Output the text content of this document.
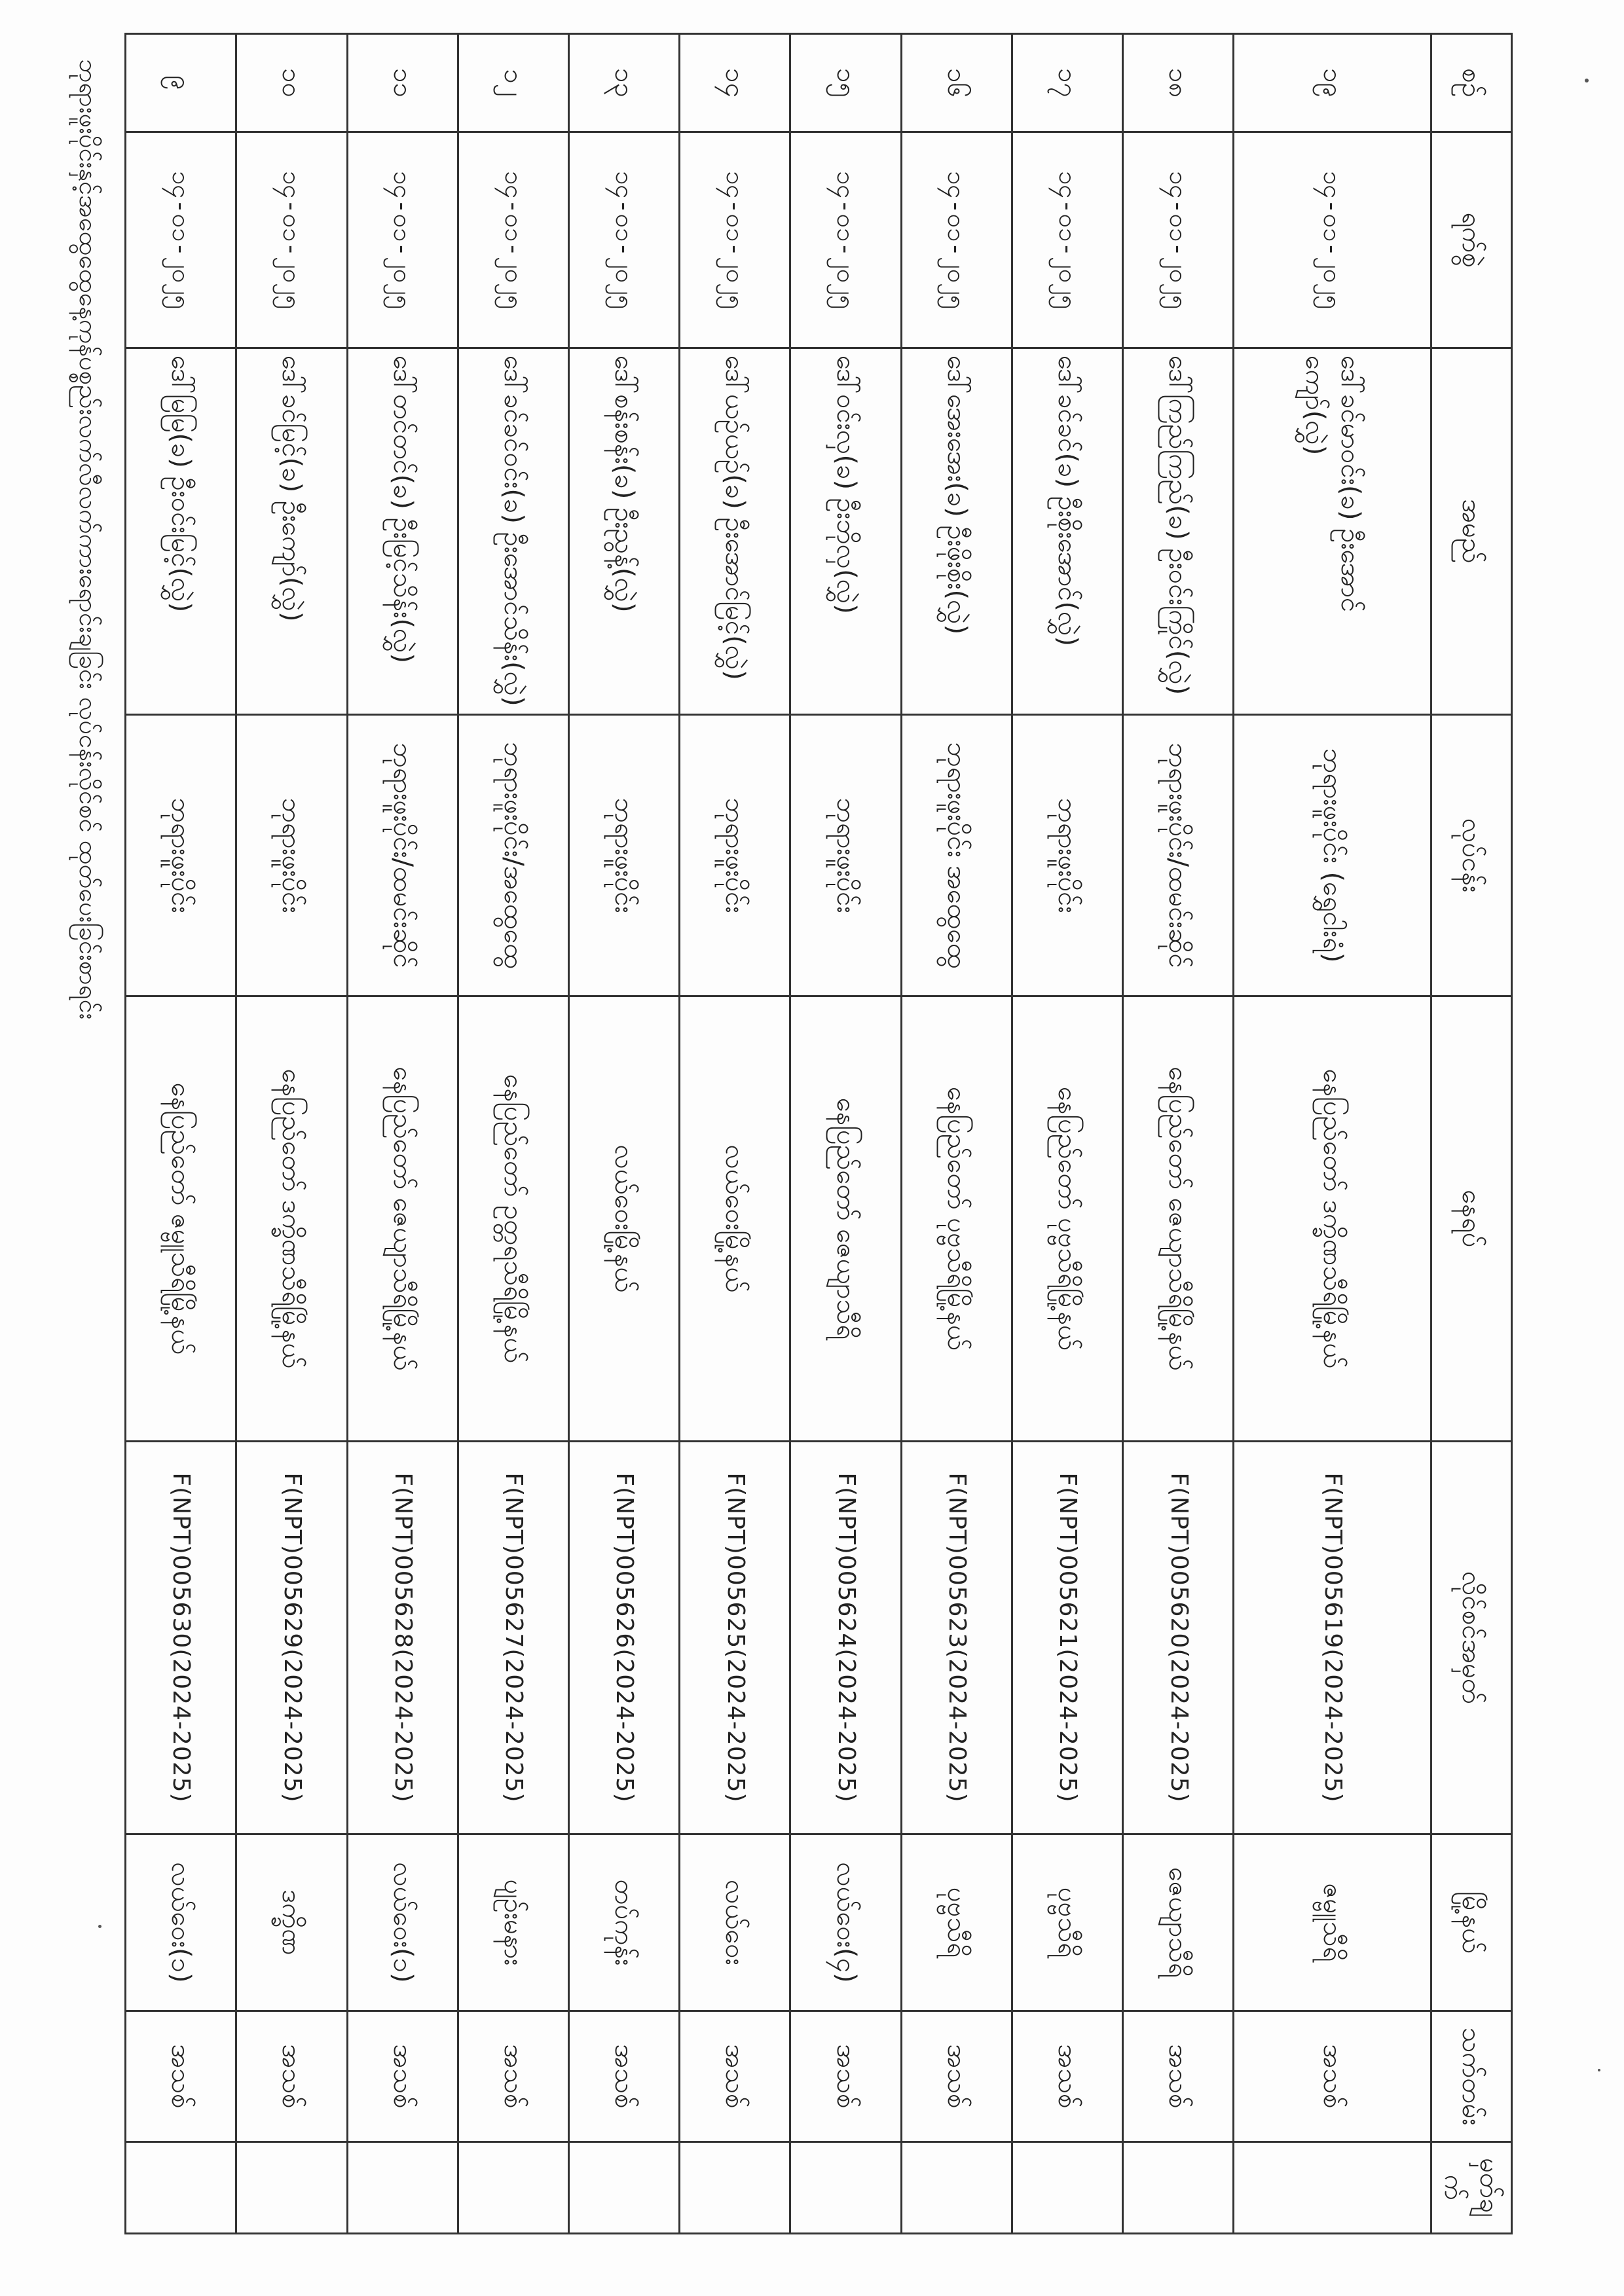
စဉ်	ရက်စွဲ	အမည်	လုပ်ငန်း	နေရပ်	လိုင်စင်အမှတ်	မြို့နယ်	သက်တမ်း	မှတ်ချက်
၁၉	၁၄-၀၁-၂၀၂၅	ဒေါ်ခင်မာဝင်း(ခ) ဦးအောင်ကျော်(လွှဲ)	ဘုရားဖူးပိုင်း (ရွှေငါးရံ)	နေပြည်တော် ဒက္ခိဏသီရိမြို့နယ်	F(NPT)005619(2024-2025)	ဇမ္ဗူသီရိ	အသစ်	
၁၈	၁၄-၀၁-၂၀၂၅	ဒေါ်ကြည်ကြည်(ခ) ဦးဝင်းကြိုင်(လွှဲ)	ဘုရားဖူးပိုင်း/ထမင်းဆိုင်	နေပြည်တော် ဇေယျာသီရိမြို့နယ်	F(NPT)005620(2024-2025)	ဇေယျာသီရိ	အသစ်	
၁၇	၁၄-၀၁-၂၀၂၅	ဒေါ်ခင်ခင်(ခ) ဦးစိုးအောင်(လွှဲ)	ဘုရားဖူးပိုင်း	နေပြည်တော် ပုဗ္ဗသီရိမြို့နယ်	F(NPT)005621(2024-2025)	ပုဗ္ဗသီရိ	အသစ်	
၁၆	၁၄-၀၁-၂၀၂၅	ဒေါ်အေးအေး(ခ) ဦးဖိုးစိုး(လွှဲ)	ဘုရားဖူးပိုင်း အထွေထွေ	နေပြည်တော် ပုဗ္ဗသီရိမြို့နယ်	F(NPT)005623(2024-2025)	ပုဗ္ဗသီရိ	အသစ်	
၁၅	၁၄-၀၁-၂၀၂၅	ဒေါ်ဝင်းလှ(ခ) ဦးဘိုလှ(လွှဲ)	ဘုရားဖူးပိုင်း	နေပြည်တော် ဇေယျာသီရိ	F(NPT)005624(2024-2025)	လယ်ဝေး(၄)	အသစ်	
၁၄	၁၄-၀၁-၂၀၂၅	ဒေါ်ယဉ်ယဉ်(ခ) ဦးအောင်မြင့်(လွှဲ)	ဘုရားဖူးပိုင်း	လယ်ဝေးမြို့နယ်	F(NPT)005625(2024-2025)	လယ်ဝေး	အသစ်	
၁၃	၁၄-၀၁-၂၀၂၅	ဒေါ်စန်းစန်း(ခ) ဦးညွန့်(လွှဲ)	ဘုရားဖူးပိုင်း	လယ်ဝေးမြို့နယ်	F(NPT)005626(2024-2025)	တပ်ကုန်း	အသစ်	
၁၂	၁၄-၀၁-၂၀၂၅	ဒေါ်ခင်ခင်ဝင်း(ခ) ဦးအောင်သိန်း(လွှဲ)	ဘုရားဖူးပိုင်း/အထွေထွေ	နေပြည်တော် ဥတ္တရသီရိမြို့နယ်	F(NPT)005627(2024-2025)	ပျဉ်းမနား	အသစ်	
၁၁	၁၄-၀၁-၂၀၂၅	ဒေါ်တင်တင်(ခ) ဦးမြင့်သိန်း(လွှဲ)	ဘုရားဖူးပိုင်း/ထမင်းဆိုင်	နေပြည်တော် ဇေယျာသီရိမြို့နယ်	F(NPT)005628(2024-2025)	လယ်ဝေး(၁)	အသစ်	
၁၀	၁၄-၀၁-၂၀၂၅	ဒေါ်ခင်မြင့်(ခ) ဦးကျော်(လွှဲ)	ဘုရားဖူးပိုင်း	နေပြည်တော် ဒက္ခိဏသီရိမြို့နယ်	F(NPT)005629(2024-2025)	ဒက္ခိဏ	အသစ်	
၉	၁၄-၀၁-၂၀၂၅	ဒေါ်မြမြ(ခ) ဦးဝင်းမြင့်(လွှဲ)	ဘုရားဖူးပိုင်း	နေပြည်တော် ဇမ္ဗူသီရိမြို့နယ်	F(NPT)005630(2024-2025)	လယ်ဝေး(၁)	အသစ်	
ဘုရားဖူးပိုင်းနှင့်အထွေထွေနေ့ကုန်ပစ္စည်းလက်လီလက်ကားရောင်းချခြင်း လုပ်ငန်းလိုင်စင် ထုတ်ပေးခြင်းစာရင်း
